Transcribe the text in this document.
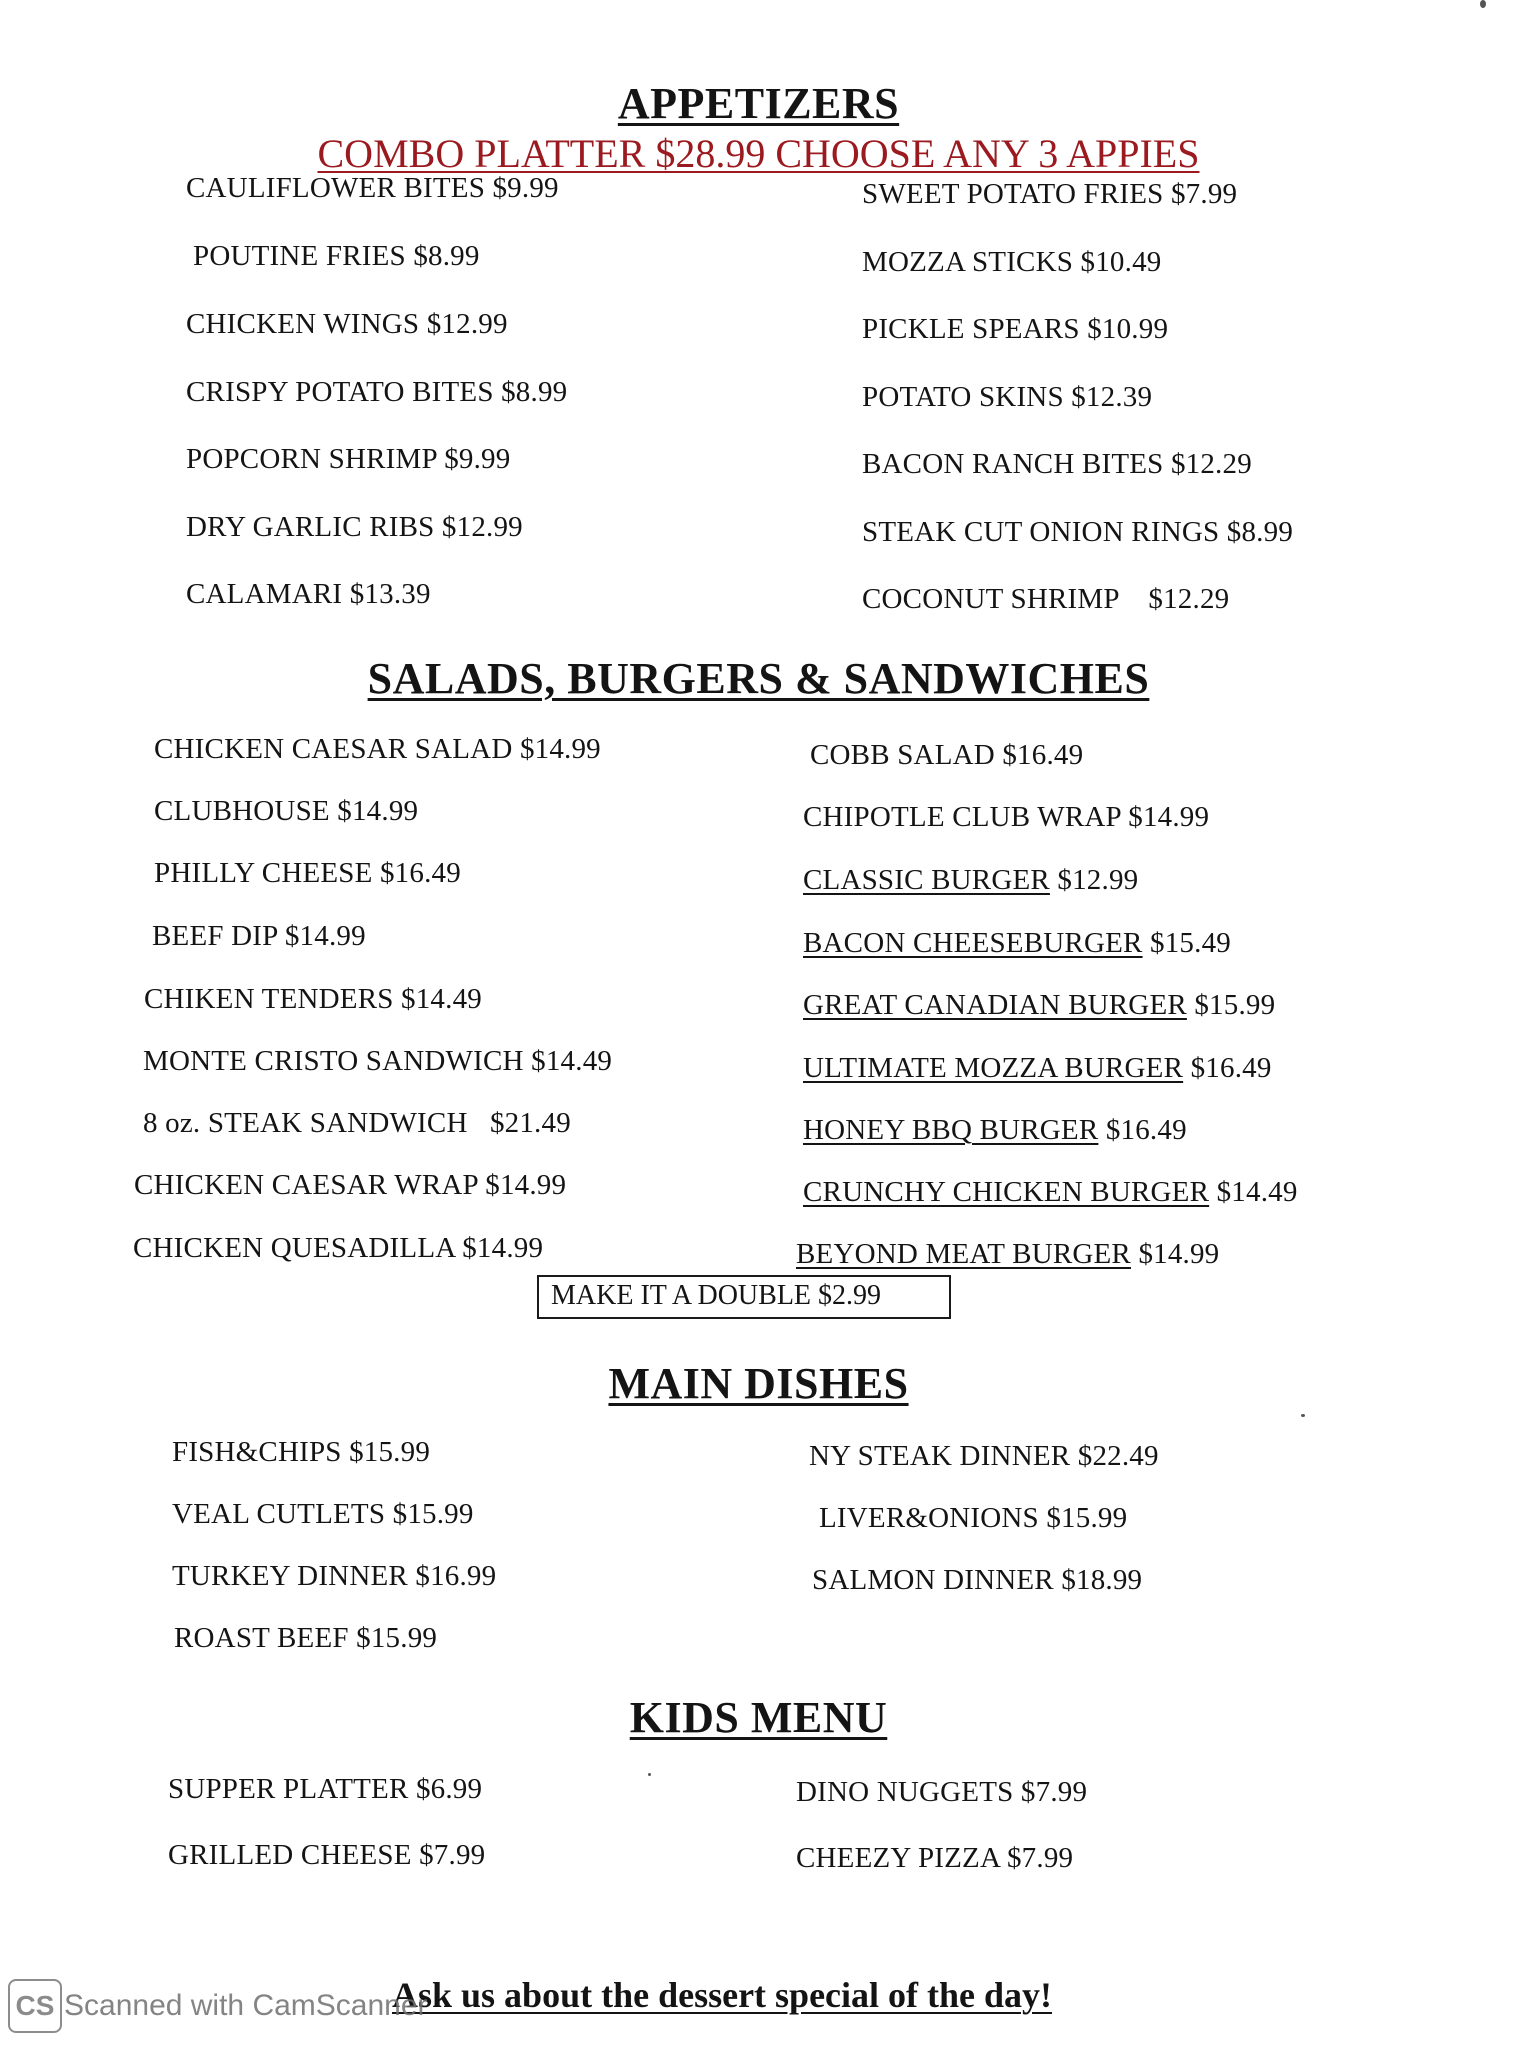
APPETIZERS
COMBO PLATTER $28.99 CHOOSE ANY 3 APPIES
CAULIFLOWER BITES $9.99
POUTINE FRIES $8.99
CHICKEN WINGS $12.99
CRISPY POTATO BITES $8.99
POPCORN SHRIMP $9.99
DRY GARLIC RIBS $12.99
CALAMARI $13.39
SWEET POTATO FRIES $7.99
MOZZA STICKS $10.49
PICKLE SPEARS $10.99
POTATO SKINS $12.39
BACON RANCH BITES $12.29
STEAK CUT ONION RINGS $8.99
COCONUT SHRIMP    $12.29
SALADS, BURGERS & SANDWICHES
CHICKEN CAESAR SALAD $14.99
CLUBHOUSE $14.99
PHILLY CHEESE $16.49
BEEF DIP $14.99
CHIKEN TENDERS $14.49
MONTE CRISTO SANDWICH $14.49
8 oz. STEAK SANDWICH   $21.49
CHICKEN CAESAR WRAP $14.99
CHICKEN QUESADILLA $14.99
COBB SALAD $16.49
CHIPOTLE CLUB WRAP $14.99
CLASSIC BURGER $12.99
BACON CHEESEBURGER $15.49
GREAT CANADIAN BURGER $15.99
ULTIMATE MOZZA BURGER $16.49
HONEY BBQ BURGER $16.49
CRUNCHY CHICKEN BURGER $14.49
BEYOND MEAT BURGER $14.99
MAKE IT A DOUBLE $2.99
MAIN DISHES
FISH&CHIPS $15.99
VEAL CUTLETS $15.99
TURKEY DINNER $16.99
ROAST BEEF $15.99
NY STEAK DINNER $22.49
LIVER&ONIONS $15.99
SALMON DINNER $18.99
KIDS MENU
SUPPER PLATTER $6.99
GRILLED CHEESE $7.99
DINO NUGGETS $7.99
CHEEZY PIZZA $7.99
Ask us about the dessert special of the day!
CS Scanned with CamScanner
